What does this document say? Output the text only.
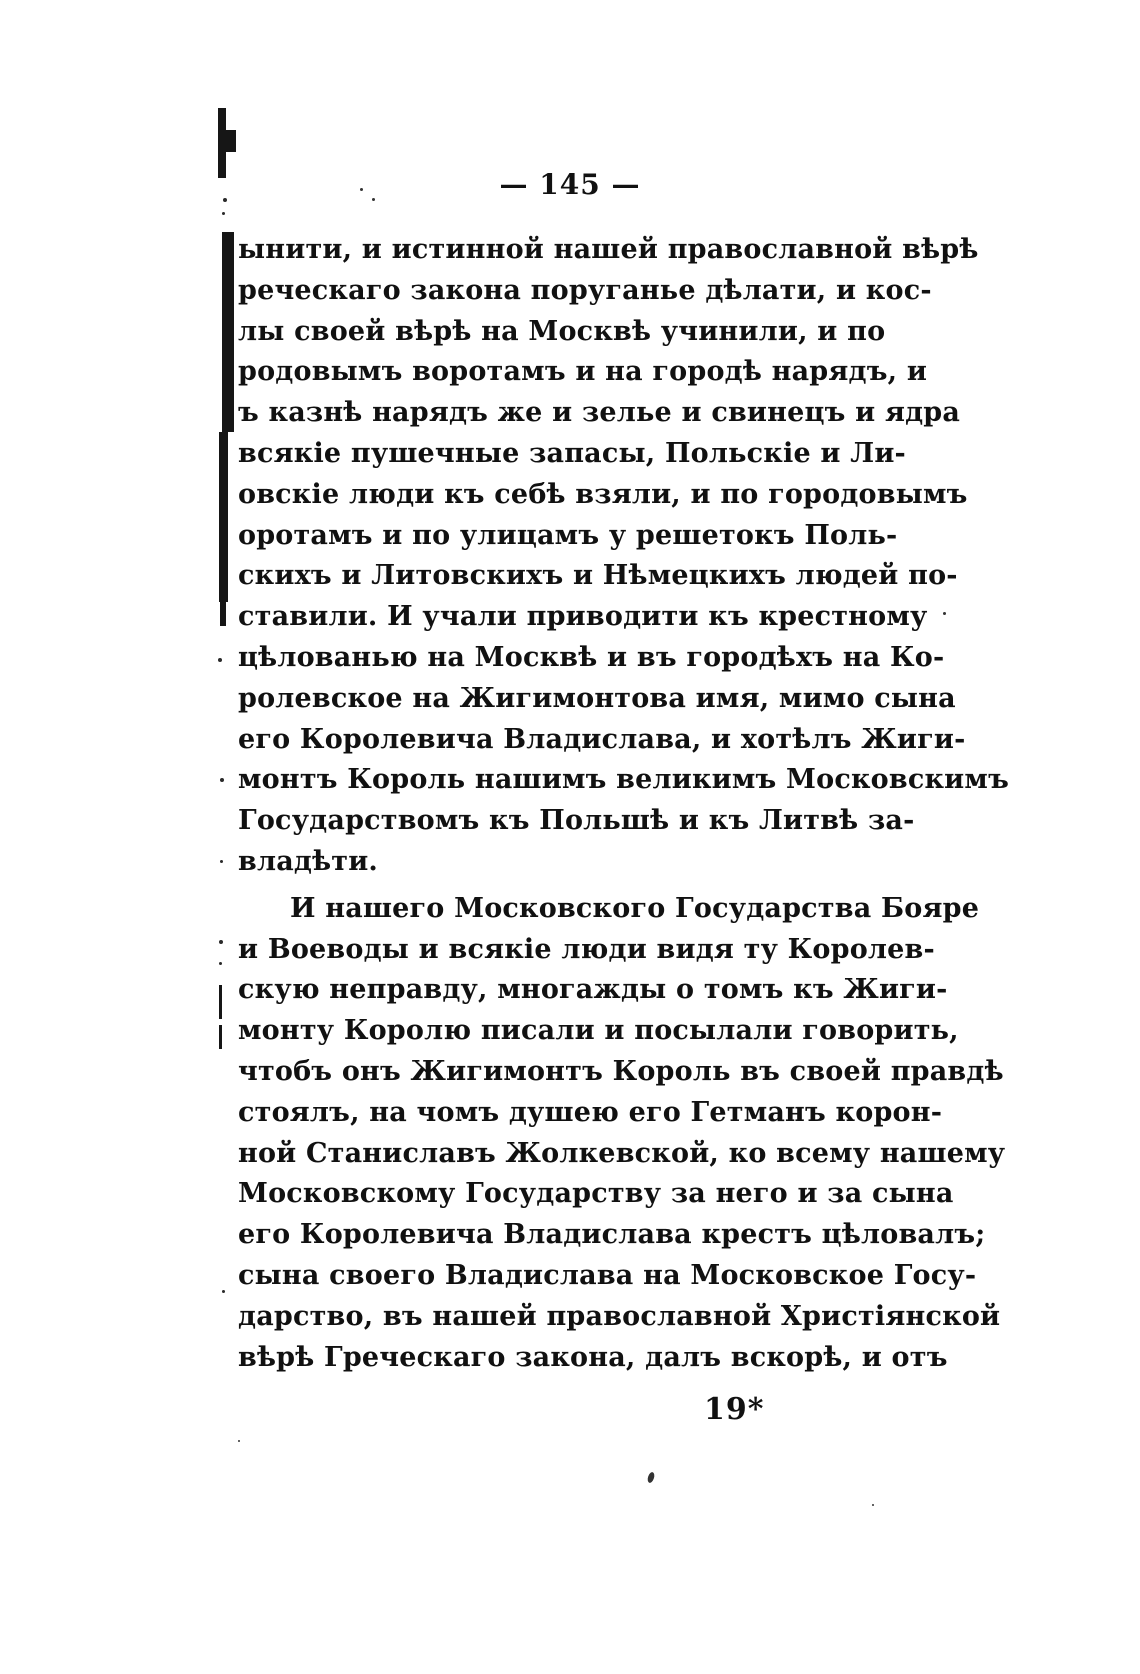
— 145 —
ынити, и истинной нашей православной вѣрѣ
реческаго закона поруганье дѣлати, и кос-
лы своей вѣрѣ на Москвѣ учинили, и по
родовымъ воротамъ и на городѣ нарядъ, и
ъ казнѣ нарядъ же и зелье и свинецъ и ядра
всякіе пушечные запасы, Польскіе и Ли-
овскіе люди къ себѣ взяли, и по городовымъ
оротамъ и по улицамъ у решетокъ Поль-
скихъ и Литовскихъ и Нѣмецкихъ людей по-
ставили. И учали приводити къ крестному
цѣлованью на Москвѣ и въ городѣхъ на Ко-
ролевское на Жигимонтова имя, мимо сына
его Королевича Владислава, и хотѣлъ Жиги-
монтъ Король нашимъ великимъ Московскимъ
Государствомъ къ Польшѣ и къ Литвѣ за-
владѣти.
И нашего Московского Государства Бояре
и Воеводы и всякіе люди видя ту Королев-
скую неправду, многажды о томъ къ Жиги-
монту Королю писали и посылали говорить,
чтобъ онъ Жигимонтъ Король въ своей правдѣ
стоялъ, на чомъ душею его Гетманъ корон-
ной Станиславъ Жолкевской, ко всему нашему
Московскому Государству за него и за сына
его Королевича Владислава крестъ цѣловалъ;
сына своего Владислава на Московское Госу-
дарство, въ нашей православной Христіянской
вѣрѣ Греческаго закона, далъ вскорѣ, и отъ
19*
